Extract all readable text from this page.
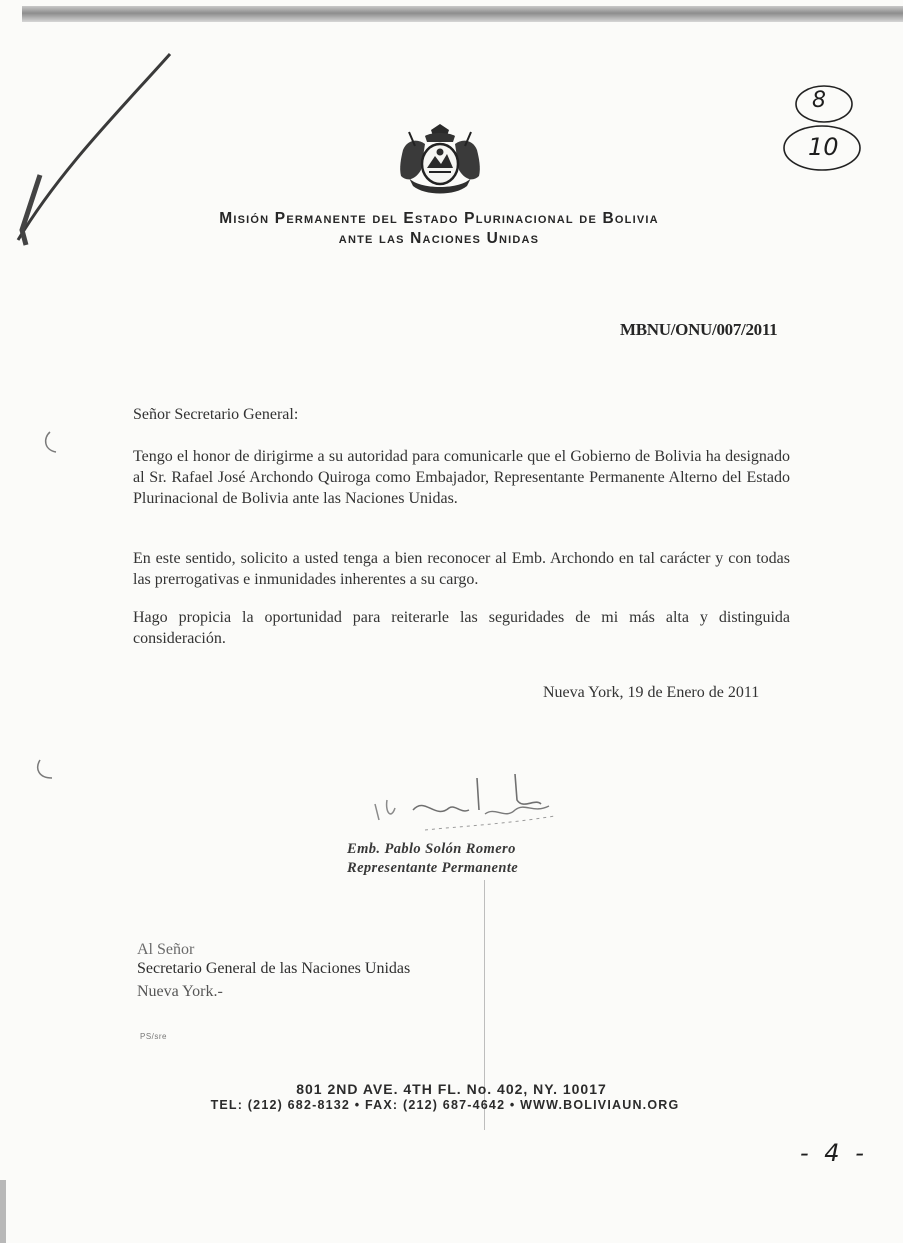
8
10
- 4 -
Misión Permanente del Estado Plurinacional de Bolivia
ante las Naciones Unidas
MBNU/ONU/007/2011
Señor Secretario General:
Tengo el honor de dirigirme a su autoridad para comunicarle que el Gobierno de Bolivia ha designado al Sr. Rafael José Archondo Quiroga como Embajador, Representante Permanente Alterno del Estado Plurinacional de Bolivia ante las Naciones Unidas.
En este sentido, solicito a usted tenga a bien reconocer al Emb. Archondo en tal carácter y con todas las prerrogativas e inmunidades inherentes a su cargo.
Hago propicia la oportunidad para reiterarle las seguridades de mi más alta y distinguida consideración.
Nueva York, 19 de Enero de 2011
Emb. Pablo Solón Romero
Representante Permanente
Al Señor
Secretario General de las Naciones Unidas
Nueva York.-
PS/sre
801 2ND AVE. 4TH FL. No. 402, NY. 10017
TEL: (212) 682-8132 • FAX: (212) 687-4642 • WWW.BOLIVIAUN.ORG
